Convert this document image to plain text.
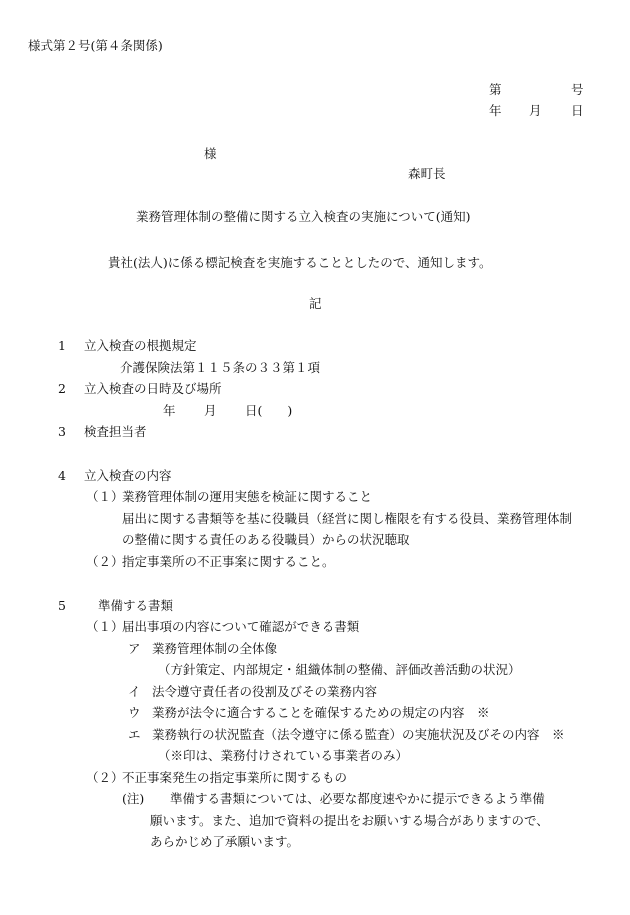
様式第２号(第４条関係)
第	号
年 月 日
様
森町長
業務管理体制の整備に関する立入検査の実施について(通知)
貴社(法人)に係る標記検査を実施することとしたので、通知します。
記
1 立入検査の根拠規定
介護保険法第１１５条の３３第１項
2 立入検査の日時及び場所
年 月 日(　　)
3 検査担当者
4 立入検査の内容
（１）
業務管理体制の運用実態を検証に関すること
届出に関する書類等を基に役職員（経営に関し権限を有する役員、業務管理体制
の整備に関する責任のある役職員）からの状況聴取
（２）
指定事業所の不正事案に関すること。
5	準備する書類
（１）
届出事項の内容について確認ができる書類
ア 業務管理体制の全体像
（方針策定、内部規定・組織体制の整備、評価改善活動の状況）
イ 法令遵守責任者の役割及びその業務内容
ウ 業務が法令に適合することを確保するための規定の内容　※
エ 業務執行の状況監査（法令遵守に係る監査）の実施状況及びその内容　※
（※印は、業務付けされている事業者のみ）
（２）
不正事案発生の指定事業所に関するもの
(注) 準備する書類については、必要な都度速やかに提示できるよう準備
願います。また、追加で資料の提出をお願いする場合がありますので、
あらかじめ了承願います。
